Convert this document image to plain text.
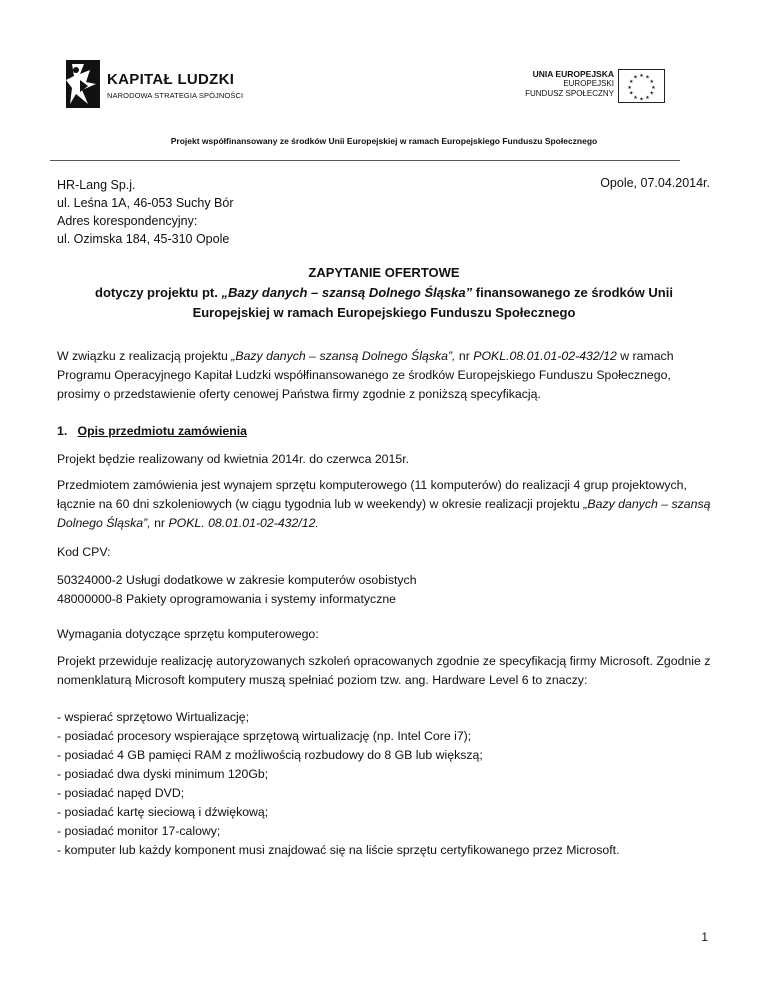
KAPITAŁ LUDZKI
NARODOWA STRATEGIA SPÓJNOŚCI
UNIA EUROPEJSKA
EUROPEJSKI
FUNDUSZ SPOŁECZNY
★ ★
★
★
★
★
★
★
★
★
★
★
Projekt współfinansowany ze środków Unii Europejskiej w ramach Europejskiego Funduszu Społecznego
HR-Lang Sp.j.
ul. Leśna 1A, 46-053 Suchy Bór
Adres korespondencyjny:
ul. Ozimska 184, 45-310 Opole
Opole, 07.04.2014r.
ZAPYTANIE OFERTOWE
dotyczy projektu pt. „Bazy danych – szansą Dolnego Śląska” finansowanego ze środków Unii
Europejskiej w ramach Europejskiego Funduszu Społecznego

W związku z realizacją projektu „Bazy danych – szansą Dolnego Śląska”, nr POKL.08.01.01-02-432/12 w ramach Programu Operacyjnego Kapitał Ludzki współfinansowanego ze środków Europejskiego Funduszu Społecznego, prosimy o przedstawienie oferty cenowej Państwa firmy zgodnie z poniższą specyfikacją.

1. Opis przedmiotu zamówienia
Projekt będzie realizowany od kwietnia 2014r. do czerwca 2015r.

Przedmiotem zamówienia jest wynajem sprzętu komputerowego (11 komputerów) do realizacji 4 grup projektowych, łącznie na 60 dni szkoleniowych (w ciągu tygodnia lub w weekendy) w okresie realizacji projektu „Bazy danych – szansą Dolnego Śląska”, nr POKL. 08.01.01-02-432/12.

Kod CPV:
50324000-2 Usługi dodatkowe w zakresie komputerów osobistych
48000000-8 Pakiety oprogramowania i systemy informatyczne
Wymagania dotyczące sprzętu komputerowego:
Projekt przewiduje realizację autoryzowanych szkoleń opracowanych zgodnie ze specyfikacją firmy Microsoft. Zgodnie z nomenklaturą Microsoft komputery muszą spełniać poziom tzw. ang. Hardware Level 6 to znaczy:
- wspierać sprzętowo Wirtualizację;
- posiadać procesory wspierające sprzętową wirtualizację (np. Intel Core i7);
- posiadać 4 GB pamięci RAM z możliwością rozbudowy do 8 GB lub większą;
- posiadać dwa dyski minimum 120Gb;
- posiadać napęd DVD;
- posiadać kartę sieciową i dźwiękową;
- posiadać monitor 17-calowy;
- komputer lub każdy komponent musi znajdować się na liście sprzętu certyfikowanego przez Microsoft.
1
